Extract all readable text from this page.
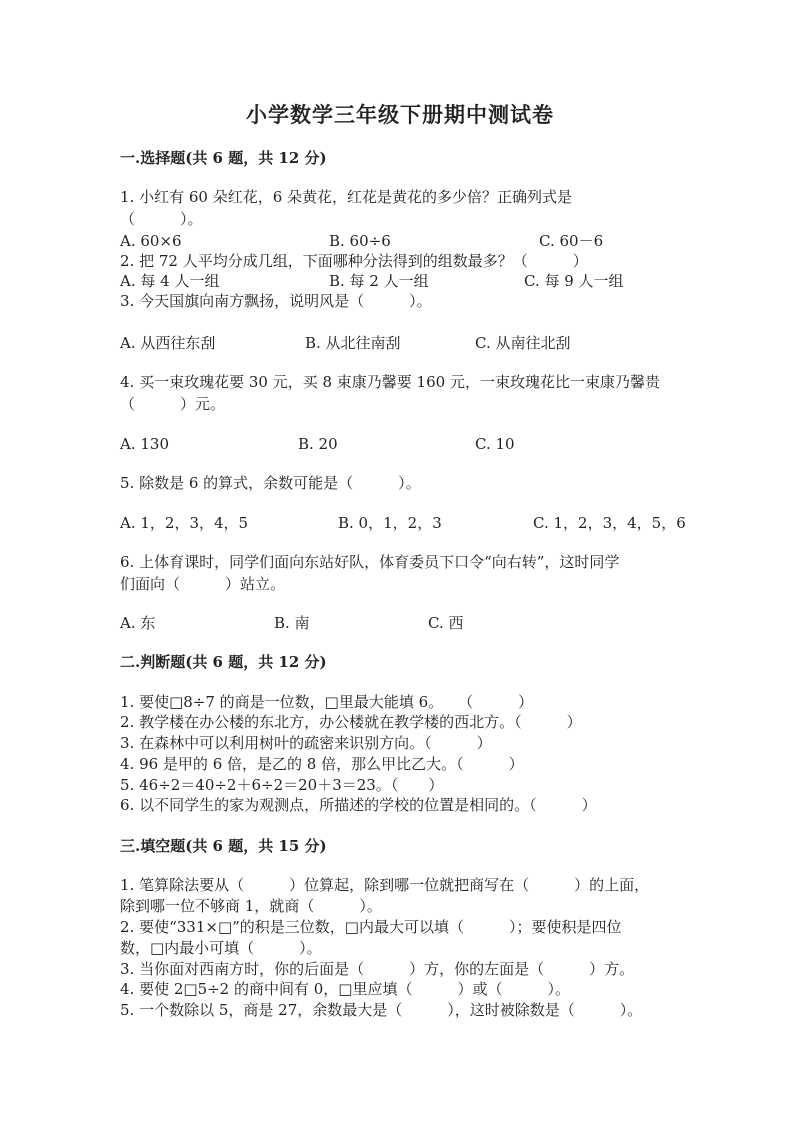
小学数学三年级下册期中测试卷
一.选择题(共 6 题，共 12 分)
1. 小红有 60 朵红花，6 朵黄花，红花是黄花的多少倍？正确列式是
（　　　）。
A. 60×6	B. 60÷6	C. 60－6
2. 把 72 人平均分成几组，下面哪种分法得到的组数最多？（　　　）
A. 每 4 人一组	B. 每 2 人一组	C. 每 9 人一组
3. 今天国旗向南方飘扬，说明风是（　　　）。
A. 从西往东刮	B. 从北往南刮	C. 从南往北刮
4. 买一束玫瑰花要 30 元，买 8 束康乃馨要 160 元，一束玫瑰花比一束康乃馨贵
（　　　）元。
A. 130	B. 20	C. 10
5. 除数是 6 的算式，余数可能是（　　　）。
A. 1，2，3，4，5	B. 0，1，2，3	C. 1，2，3，4，5，6
6. 上体育课时，同学们面向东站好队，体育委员下口令“向右转”，这时同学
们面向（　　　）站立。
A. 东	B. 南	C. 西
二.判断题(共 6 题，共 12 分)
1. 要使□8÷7 的商是一位数，□里最大能填 6。　　（　　　）
2. 教学楼在办公楼的东北方，办公楼就在教学楼的西北方。（　　　）
3. 在森林中可以利用树叶的疏密来识别方向。（　　　）
4. 96 是甲的 6 倍，是乙的 8 倍，那么甲比乙大。（　　　）
5. 46÷2＝40÷2＋6÷2＝20＋3＝23。（　　）
6. 以不同学生的家为观测点，所描述的学校的位置是相同的。（　　　）
三.填空题(共 6 题，共 15 分)
1. 笔算除法要从（　　　）位算起，除到哪一位就把商写在（　　　）的上面，
除到哪一位不够商 1，就商（　　　）。
2. 要使“331×□”的积是三位数，□内最大可以填（　　　）；要使积是四位
数，□内最小可填（　　　）。
3. 当你面对西南方时，你的后面是（　　　）方，你的左面是（　　　）方。
4. 要使 2□5÷2 的商中间有 0，□里应填（　　　）或（　　　）。
5. 一个数除以 5，商是 27，余数最大是（　　　），这时被除数是（　　　）。
